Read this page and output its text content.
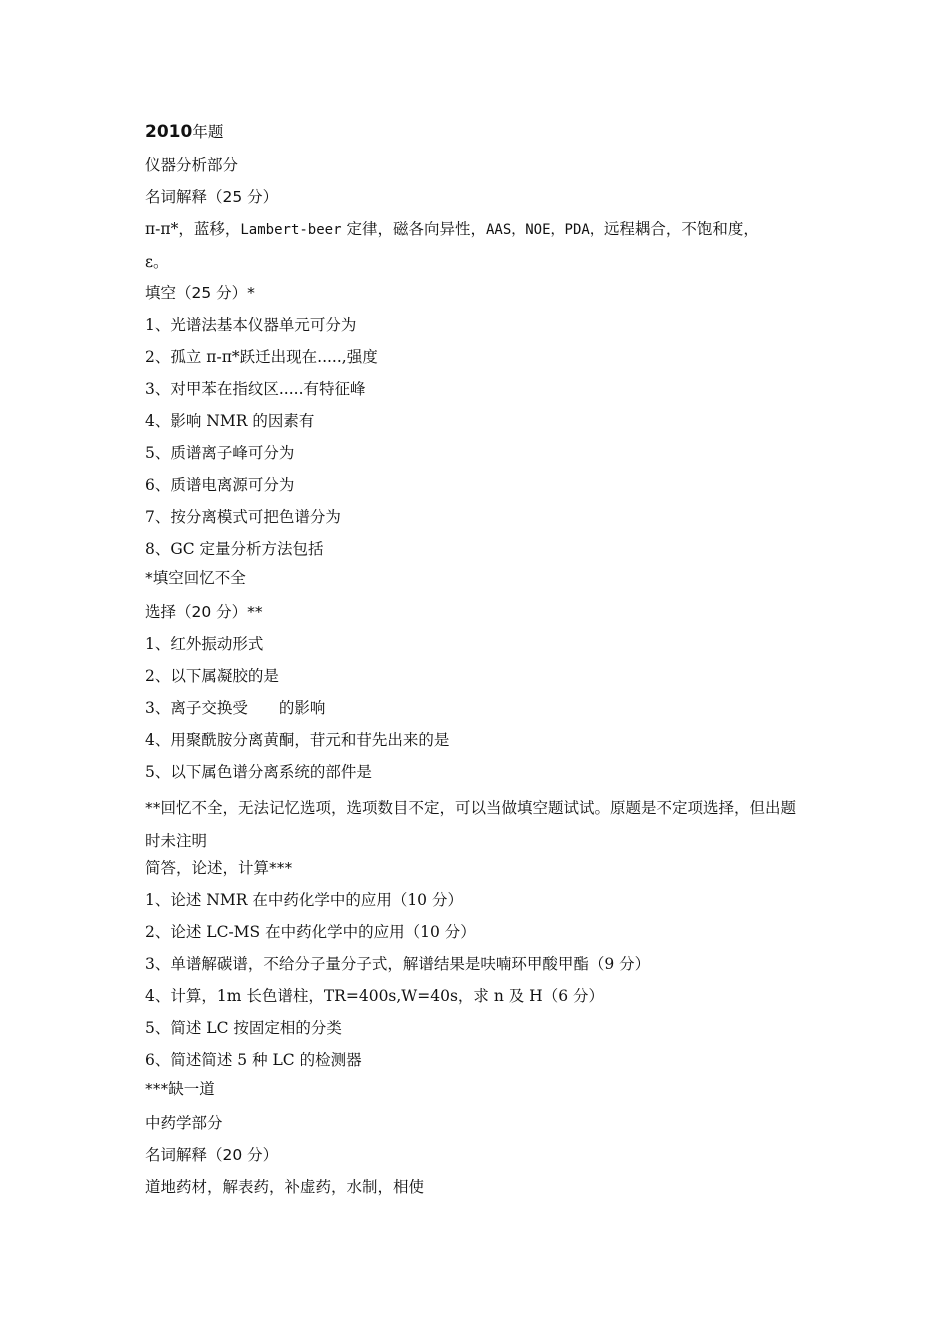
2010年题
仪器分析部分
名词解释（25 分）
π-π*，蓝移，Lambert-beer 定律，磁各向异性，AAS，NOE，PDA，远程耦合，不饱和度，
ε。
填空（25 分）*
1、光谱法基本仪器单元可分为
2、孤立 π-π*跃迁出现在.....,强度
3、对甲苯在指纹区.....有特征峰
4、影响 NMR 的因素有
5、质谱离子峰可分为
6、质谱电离源可分为
7、按分离模式可把色谱分为
8、GC 定量分析方法包括
*填空回忆不全
选择（20 分）**
1、红外振动形式
2、以下属凝胶的是
3、离子交换受　　的影响
4、用聚酰胺分离黄酮，苷元和苷先出来的是
5、以下属色谱分离系统的部件是
**回忆不全，无法记忆选项，选项数目不定，可以当做填空题试试。原题是不定项选择，但出题时未注明
简答，论述，计算***
1、论述 NMR 在中药化学中的应用（10 分）
2、论述 LC-MS 在中药化学中的应用（10 分）
3、单谱解碳谱，不给分子量分子式，解谱结果是呋喃环甲酸甲酯（9 分）
4、计算，1m 长色谱柱，TR=400s,W=40s，求 n 及 H（6 分）
5、简述 LC 按固定相的分类
6、简述简述 5 种 LC 的检测器
***缺一道
中药学部分
名词解释（20 分）
道地药材，解表药，补虚药，水制，相使
